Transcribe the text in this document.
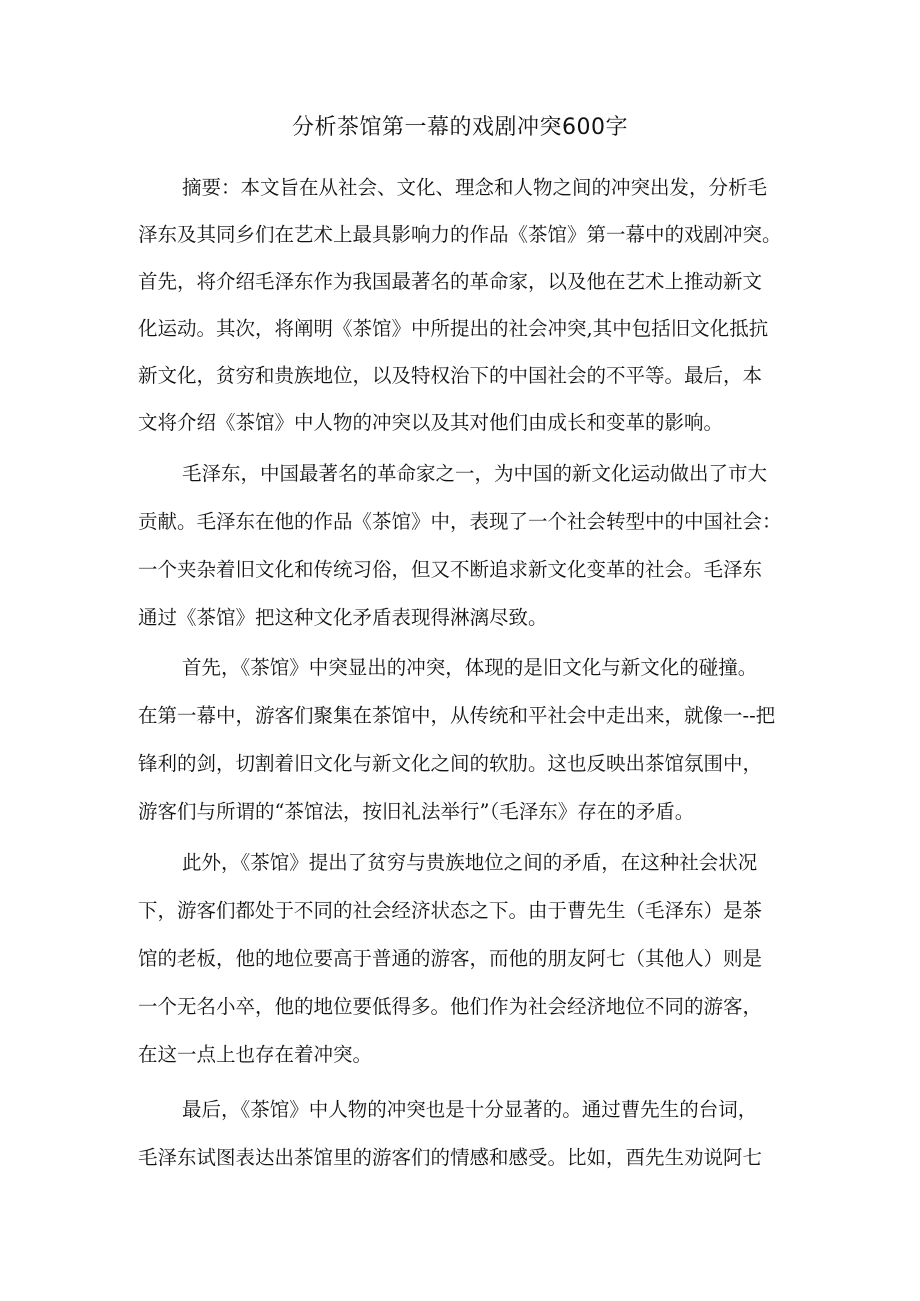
分析茶馆第一幕的戏剧冲突600字
摘要：本文旨在从社会、文化、理念和人物之间的冲突出发，分析毛
泽东及其同乡们在艺术上最具影响力的作品《茶馆》第一幕中的戏剧冲突。
首先，将介绍毛泽东作为我国最著名的革命家，以及他在艺术上推动新文
化运动。其次，将阐明《茶馆》中所提出的社会冲突,其中包括旧文化抵抗
新文化，贫穷和贵族地位，以及特权治下的中国社会的不平等。最后，本
文将介绍《茶馆》中人物的冲突以及其对他们由成长和变革的影响。
毛泽东，中国最著名的革命家之一，为中国的新文化运动做出了市大
贡献。毛泽东在他的作品《茶馆》中，表现了一个社会转型中的中国社会：
一个夹杂着旧文化和传统习俗，但又不断追求新文化变革的社会。毛泽东
通过《茶馆》把这种文化矛盾表现得淋漓尽致。
首先，《茶馆》中突显出的冲突，体现的是旧文化与新文化的碰撞。
在第一幕中，游客们聚集在茶馆中，从传统和平社会中走出来，就像一--把
锋利的剑，切割着旧文化与新文化之间的软肋。这也反映出茶馆氛围中，
游客们与所谓的“茶馆法，按旧礼法举行”（毛泽东》存在的矛盾。
此外，《茶馆》提出了贫穷与贵族地位之间的矛盾，在这种社会状况
下，游客们都处于不同的社会经济状态之下。由于曹先生（毛泽东）是茶
馆的老板，他的地位要高于普通的游客，而他的朋友阿七（其他人）则是
一个无名小卒，他的地位要低得多。他们作为社会经济地位不同的游客，
在这一点上也存在着冲突。
最后，《茶馆》中人物的冲突也是十分显著的。通过曹先生的台词，
毛泽东试图表达出茶馆里的游客们的情感和感受。比如，酉先生劝说阿七
